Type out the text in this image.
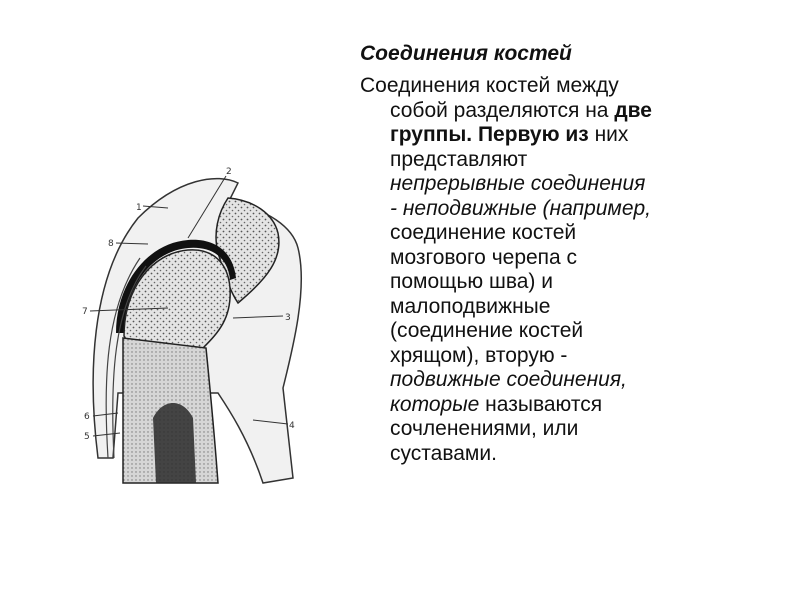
1
2
3
4
5
6
7
8
Соединения костей
Соединения костей между
собой разделяются на две
группы. Первую из них
представляют
непрерывные соединения
- неподвижные (например,
соединение костей
мозгового черепа с
помощью шва) и
малоподвижные
(соединение костей
хрящом), вторую -
подвижные соединения,
которые называются
сочленениями, или
суставами.
